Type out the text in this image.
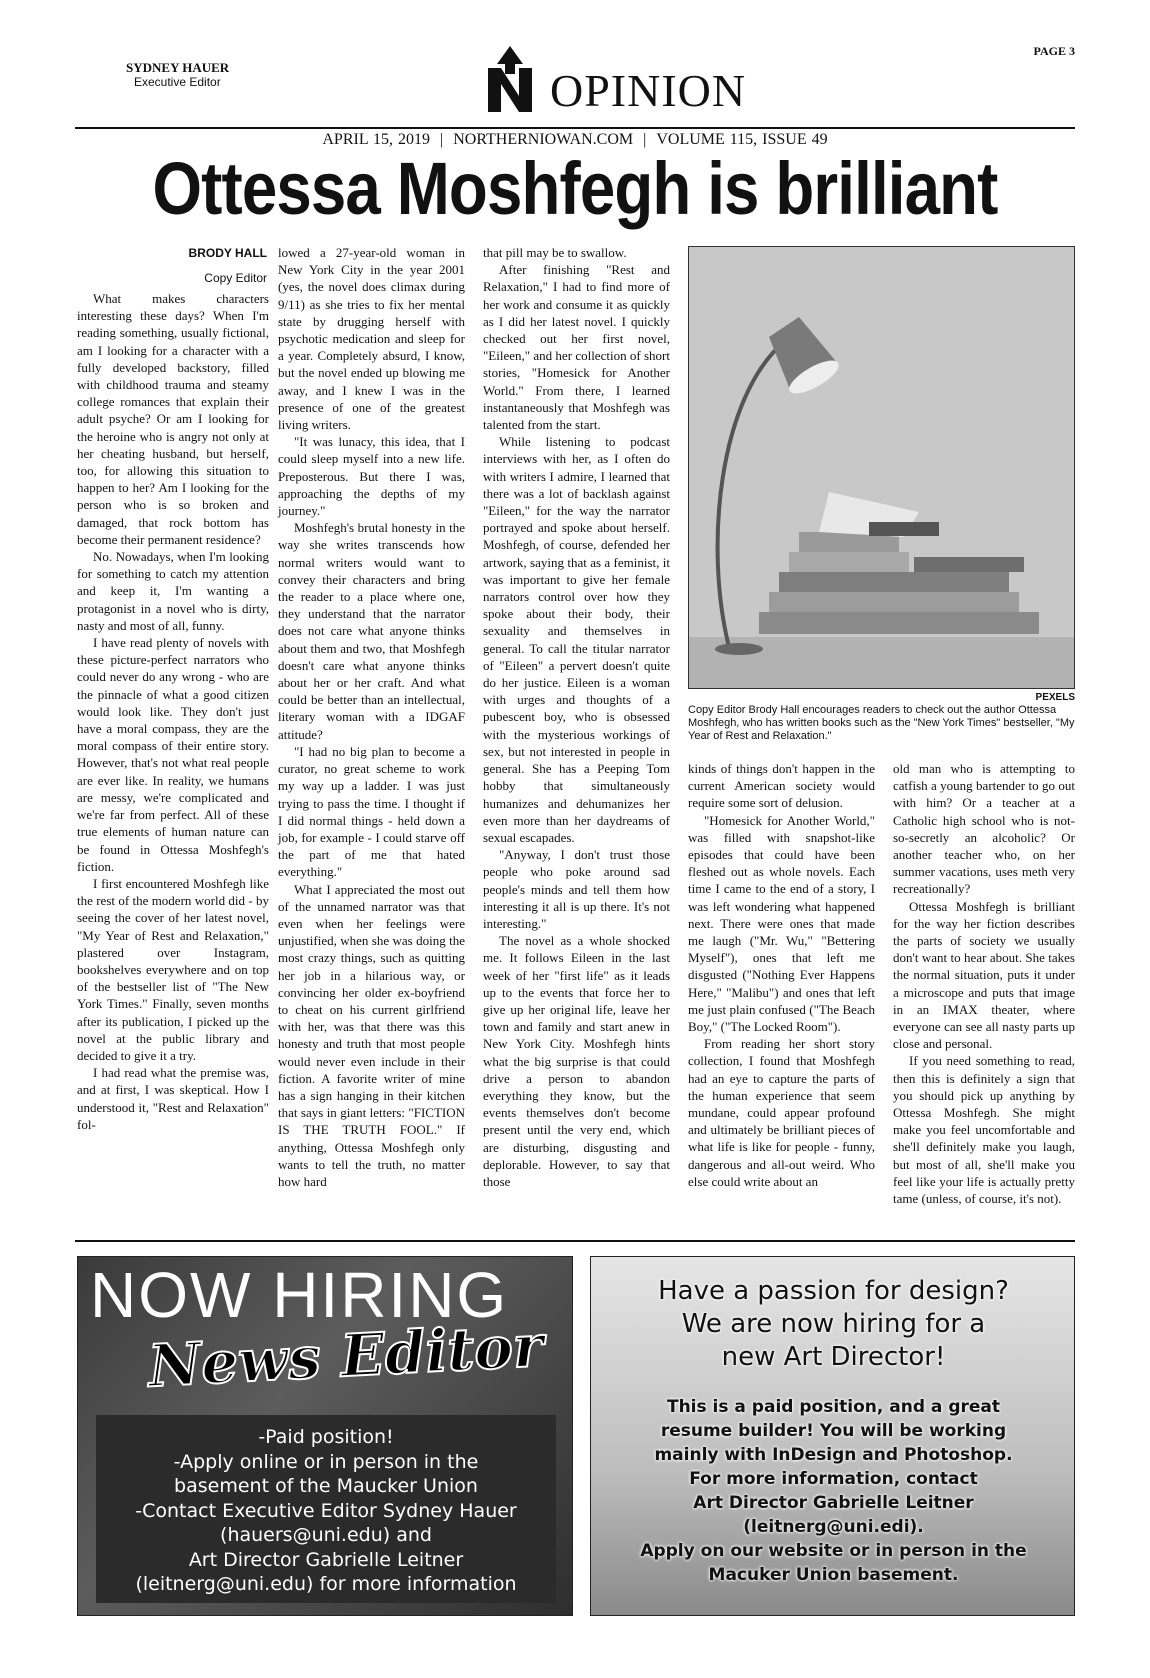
SYDNEY HAUER
Executive Editor	OPINION
PAGE 3
APRIL 15, 2019 | NORTHERNIOWAN.COM | VOLUME 115, ISSUE 49
Ottessa Moshfegh is brilliant
BRODY HALL
Copy Editor

What makes characters interesting these days? When I'm reading something, usually fictional, am I looking for a character with a fully developed backstory, filled with childhood trauma and steamy college romances that explain their adult psyche? Or am I looking for the heroine who is angry not only at her cheating husband, but herself, too, for allowing this situation to happen to her? Am I looking for the person who is so broken and damaged, that rock bottom has become their permanent residence?

No. Nowadays, when I'm looking for something to catch my attention and keep it, I'm wanting a protagonist in a novel who is dirty, nasty and most of all, funny.

I have read plenty of novels with these picture-perfect narrators who could never do any wrong - who are the pinnacle of what a good citizen would look like. They don't just have a moral compass, they are the moral compass of their entire story. However, that's not what real people are ever like. In reality, we humans are messy, we're complicated and we're far from perfect. All of these true elements of human nature can be found in Ottessa Moshfegh's fiction.

I first encountered Moshfegh like the rest of the modern world did - by seeing the cover of her latest novel, "My Year of Rest and Relaxation," plastered over Instagram, bookshelves everywhere and on top of the bestseller list of "The New York Times." Finally, seven months after its publication, I picked up the novel at the public library and decided to give it a try.

I had read what the premise was, and at first, I was skeptical. How I understood it, "Rest and Relaxation" fol-

lowed a 27-year-old woman in New York City in the year 2001 (yes, the novel does climax during 9/11) as she tries to fix her mental state by drugging herself with psychotic medication and sleep for a year. Completely absurd, I know, but the novel ended up blowing me away, and I knew I was in the presence of one of the greatest living writers.

"It was lunacy, this idea, that I could sleep myself into a new life. Preposterous. But there I was, approaching the depths of my journey."

Moshfegh's brutal honesty in the way she writes transcends how normal writers would want to convey their characters and bring the reader to a place where one, they understand that the narrator does not care what anyone thinks about them and two, that Moshfegh doesn't care what anyone thinks about her or her craft. And what could be better than an intellectual, literary woman with a IDGAF attitude?

"I had no big plan to become a curator, no great scheme to work my way up a ladder. I was just trying to pass the time. I thought if I did normal things - held down a job, for example - I could starve off the part of me that hated everything."

What I appreciated the most out of the unnamed narrator was that even when her feelings were unjustified, when she was doing the most crazy things, such as quitting her job in a hilarious way, or convincing her older ex-boyfriend to cheat on his current girlfriend with her, was that there was this honesty and truth that most people would never even include in their fiction. A favorite writer of mine has a sign hanging in their kitchen that says in giant letters: "FICTION IS THE TRUTH FOOL." If anything, Ottessa Moshfegh only wants to tell the truth, no matter how hard

that pill may be to swallow.

After finishing "Rest and Relaxation," I had to find more of her work and consume it as quickly as I did her latest novel. I quickly checked out her first novel, "Eileen," and her collection of short stories, "Homesick for Another World." From there, I learned instantaneously that Moshfegh was talented from the start.

While listening to podcast interviews with her, as I often do with writers I admire, I learned that there was a lot of backlash against "Eileen," for the way the narrator portrayed and spoke about herself. Moshfegh, of course, defended her artwork, saying that as a feminist, it was important to give her female narrators control over how they spoke about their body, their sexuality and themselves in general. To call the titular narrator of "Eileen" a pervert doesn't quite do her justice. Eileen is a woman with urges and thoughts of a pubescent boy, who is obsessed with the mysterious workings of sex, but not interested in people in general. She has a Peeping Tom hobby that simultaneously humanizes and dehumanizes her even more than her daydreams of sexual escapades.

"Anyway, I don't trust those people who poke around sad people's minds and tell them how interesting it all is up there. It's not interesting."

The novel as a whole shocked me. It follows Eileen in the last week of her "first life" as it leads up to the events that force her to give up her original life, leave her town and family and start anew in New York City. Moshfegh hints what the big surprise is that could drive a person to abandon everything they know, but the events themselves don't become present until the very end, which are disturbing, disgusting and deplorable. However, to say that those

PEXELS
Copy Editor Brody Hall encourages readers to check out the author Ottessa Moshfegh, who has written books such as the "New York Times" bestseller, "My Year of Rest and Relaxation."

kinds of things don't happen in the current American society would require some sort of delusion.

"Homesick for Another World," was filled with snapshot-like episodes that could have been fleshed out as whole novels. Each time I came to the end of a story, I was left wondering what happened next. There were ones that made me laugh ("Mr. Wu," "Bettering Myself"), ones that left me disgusted ("Nothing Ever Happens Here," "Malibu") and ones that left me just plain confused ("The Beach Boy," ("The Locked Room").

From reading her short story collection, I found that Moshfegh had an eye to capture the parts of the human experience that seem mundane, could appear profound and ultimately be brilliant pieces of what life is like for people - funny, dangerous and all-out weird. Who else could write about an

old man who is attempting to catfish a young bartender to go out with him? Or a teacher at a Catholic high school who is not-so-secretly an alcoholic? Or another teacher who, on her summer vacations, uses meth very recreationally?

Ottessa Moshfegh is brilliant for the way her fiction describes the parts of society we usually don't want to hear about. She takes the normal situation, puts it under a microscope and puts that image in an IMAX theater, where everyone can see all nasty parts up close and personal.

If you need something to read, then this is definitely a sign that you should pick up anything by Ottessa Moshfegh. She might make you feel uncomfortable and she'll definitely make you laugh, but most of all, she'll make you feel like your life is actually pretty tame (unless, of course, it's not).

NOW HIRING
News Editor
-Paid position!
-Apply online or in person in the
basement of the Maucker Union
-Contact Executive Editor Sydney Hauer
(hauers@uni.edu) and
Art Director Gabrielle Leitner
(leitnerg@uni.edu) for more information
Have a passion for design?
We are now hiring for a
new Art Director!
This is a paid position, and a great
resume builder! You will be working
mainly with InDesign and Photoshop.
For more information, contact
Art Director Gabrielle Leitner
(leitnerg@uni.edi).
Apply on our website or in person in the
Macuker Union basement.
